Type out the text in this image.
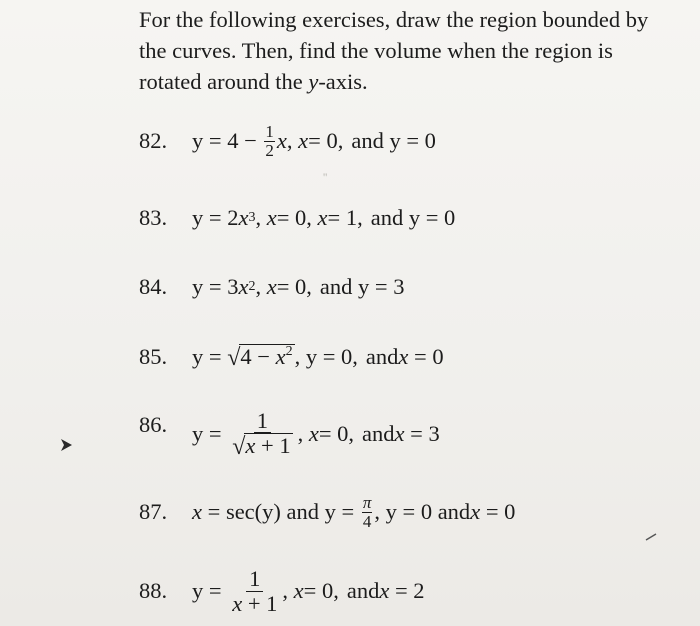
For the following exercises, draw the region bounded by
the curves. Then, find the volume when the region is
rotated around the y-axis.
82.	$y = 4 - \frac{1}{2}$ x , x = 0, and y = 0
''
83.	y = 2 x 3 , x = 0, x = 1, and y = 0
84.	y = 3 x 2 , x = 0, and y = 3
85.	y = √ $4 - x^2$ , y = 0, and x = 0
86.	$y = \frac{1}{√ x + 1}$ , x = 0, and x = 3
87.	x = sec(y) and $y = \frac{\pi}{4}$ , y = 0 and x = 0
88.	$y = \frac{1}{x + 1}$ , x = 0, and x = 2
